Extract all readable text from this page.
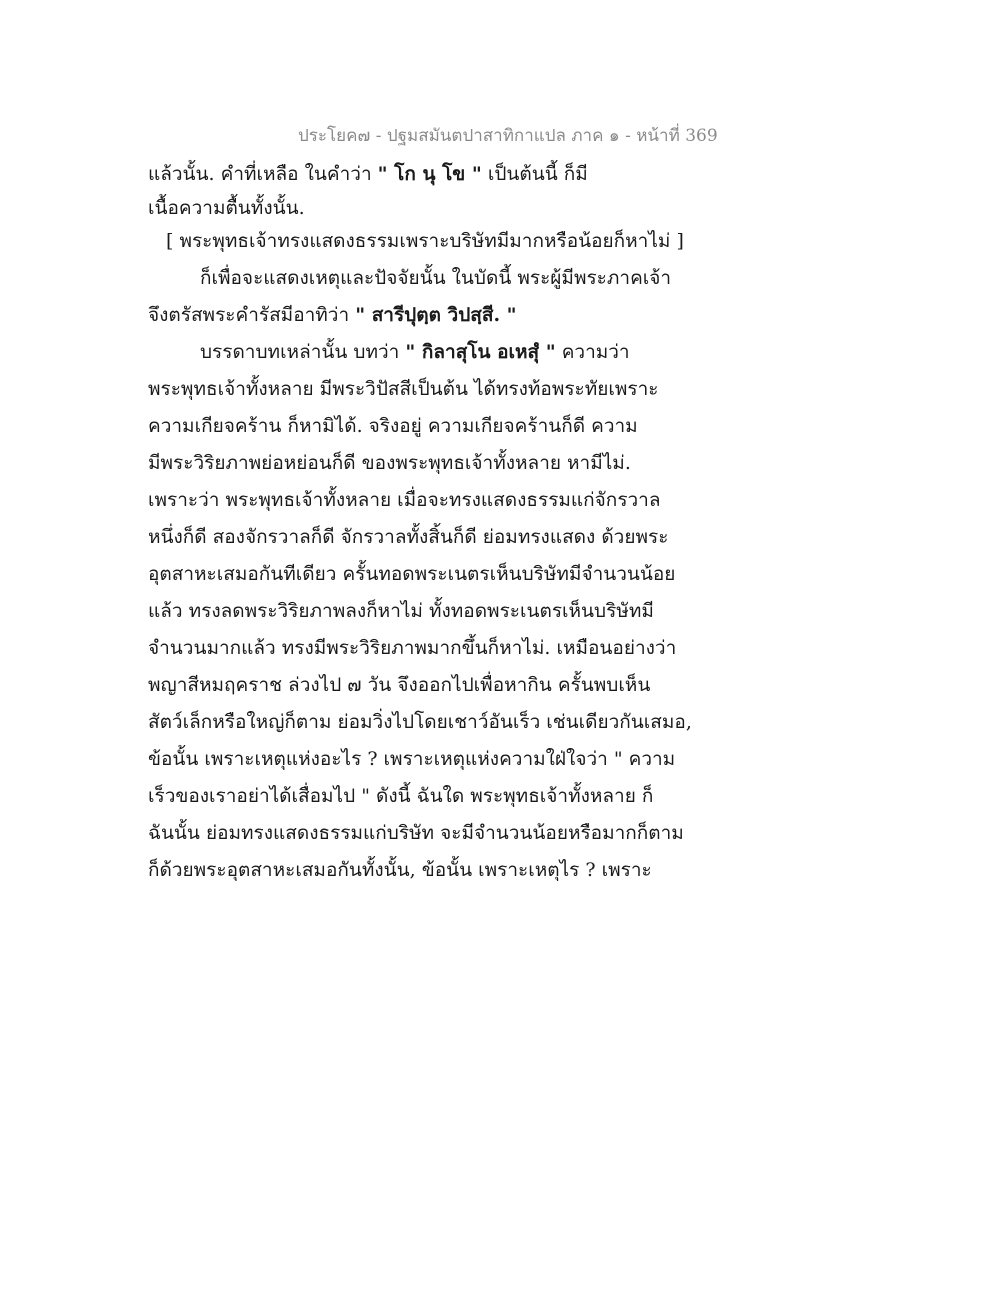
ประโยค๗ - ปฐมสมันตปาสาทิกาแปล ภาค ๑ - หน้าที่ 369
แล้วนั้น. คำที่เหลือ ในคำว่า " โก นุ โข " เป็นต้นนี้ ก็มี
เนื้อความตื้นทั้งนั้น.
[ พระพุทธเจ้าทรงแสดงธรรมเพราะบริษัทมีมากหรือน้อยก็หาไม่ ]
ก็เพื่อจะแสดงเหตุและปัจจัยนั้น ในบัดนี้ พระผู้มีพระภาคเจ้า
จึงตรัสพระคำรัสมีอาทิว่า " สารีปุตฺต วิปสฺสี. "
บรรดาบทเหล่านั้น บทว่า " กิลาสุโน อเหสุํ " ความว่า
พระพุทธเจ้าทั้งหลาย มีพระวิปัสสีเป็นต้น ได้ทรงท้อพระทัยเพราะ
ความเกียจคร้าน ก็หามิได้. จริงอยู่ ความเกียจคร้านก็ดี ความ
มีพระวิริยภาพย่อหย่อนก็ดี ของพระพุทธเจ้าทั้งหลาย หามีไม่.
เพราะว่า พระพุทธเจ้าทั้งหลาย เมื่อจะทรงแสดงธรรมแก่จักรวาล
หนึ่งก็ดี สองจักรวาลก็ดี จักรวาลทั้งสิ้นก็ดี ย่อมทรงแสดง ด้วยพระ
อุตสาหะเสมอกันทีเดียว ครั้นทอดพระเนตรเห็นบริษัทมีจำนวนน้อย
แล้ว ทรงลดพระวิริยภาพลงก็หาไม่ ทั้งทอดพระเนตรเห็นบริษัทมี
จำนวนมากแล้ว ทรงมีพระวิริยภาพมากขึ้นก็หาไม่. เหมือนอย่างว่า
พญาสีหมฤคราช ล่วงไป ๗ วัน จึงออกไปเพื่อหากิน ครั้นพบเห็น
สัตว์เล็กหรือใหญ่ก็ตาม ย่อมวิ่งไปโดยเชาว์อันเร็ว เช่นเดียวกันเสมอ,
ข้อนั้น เพราะเหตุแห่งอะไร ? เพราะเหตุแห่งความใฝ่ใจว่า " ความ
เร็วของเราอย่าได้เสื่อมไป " ดังนี้ ฉันใด พระพุทธเจ้าทั้งหลาย ก็
ฉันนั้น ย่อมทรงแสดงธรรมแก่บริษัท จะมีจำนวนน้อยหรือมากก็ตาม
ก็ด้วยพระอุตสาหะเสมอกันทั้งนั้น, ข้อนั้น เพราะเหตุไร ? เพราะ
